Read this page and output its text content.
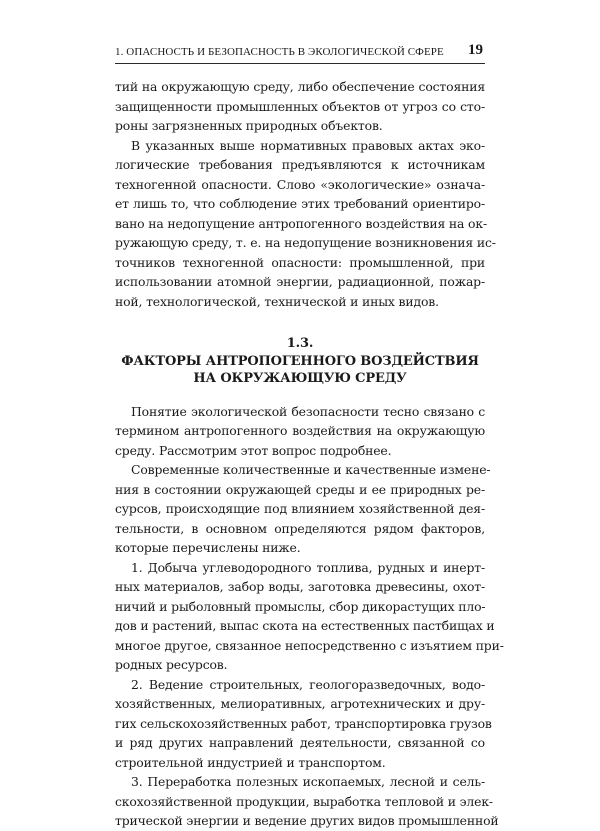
1. ОПАСНОСТЬ И БЕЗОПАСНОСТЬ В ЭКОЛОГИЧЕСКОЙ СФЕРЕ 19

тий на окружающую среду, либо обеспечение состояния
защищенности промышленных объектов от угроз со сто-
роны загрязненных природных объектов.

В указанных выше нормативных правовых актах эко-
логические требования предъявляются к источникам
техногенной опасности. Слово «экологические» означа-
ет лишь то, что соблюдение этих требований ориентиро-
вано на недопущение антропогенного воздействия на ок-
ружающую среду, т. е. на недопущение возникновения ис-
точников техногенной опасности: промышленной, при
использовании атомной энергии, радиационной, пожар-
ной, технологической, технической и иных видов.

1.3.
ФАКТОРЫ АНТРОПОГЕННОГО ВОЗДЕЙСТВИЯ
НА ОКРУЖАЮЩУЮ СРЕДУ

Понятие экологической безопасности тесно связано с
термином антропогенного воздействия на окружающую
среду. Рассмотрим этот вопрос подробнее.

Современные количественные и качественные измене-
ния в состоянии окружающей среды и ее природных ре-
сурсов, происходящие под влиянием хозяйственной дея-
тельности, в основном определяются рядом факторов,
которые перечислены ниже.

1. Добыча углеводородного топлива, рудных и инерт-
ных материалов, забор воды, заготовка древесины, охот-
ничий и рыболовный промыслы, сбор дикорастущих пло-
дов и растений, выпас скота на естественных пастбищах и
многое другое, связанное непосредственно с изъятием при-
родных ресурсов.

2. Ведение строительных, геологоразведочных, водо-
хозяйственных, мелиоративных, агротехнических и дру-
гих сельскохозяйственных работ, транспортировка грузов
и ряд других направлений деятельности, связанной со
строительной индустрией и транспортом.

3. Переработка полезных ископаемых, лесной и сель-
скохозяйственной продукции, выработка тепловой и элек-
трической энергии и ведение других видов промышленной
